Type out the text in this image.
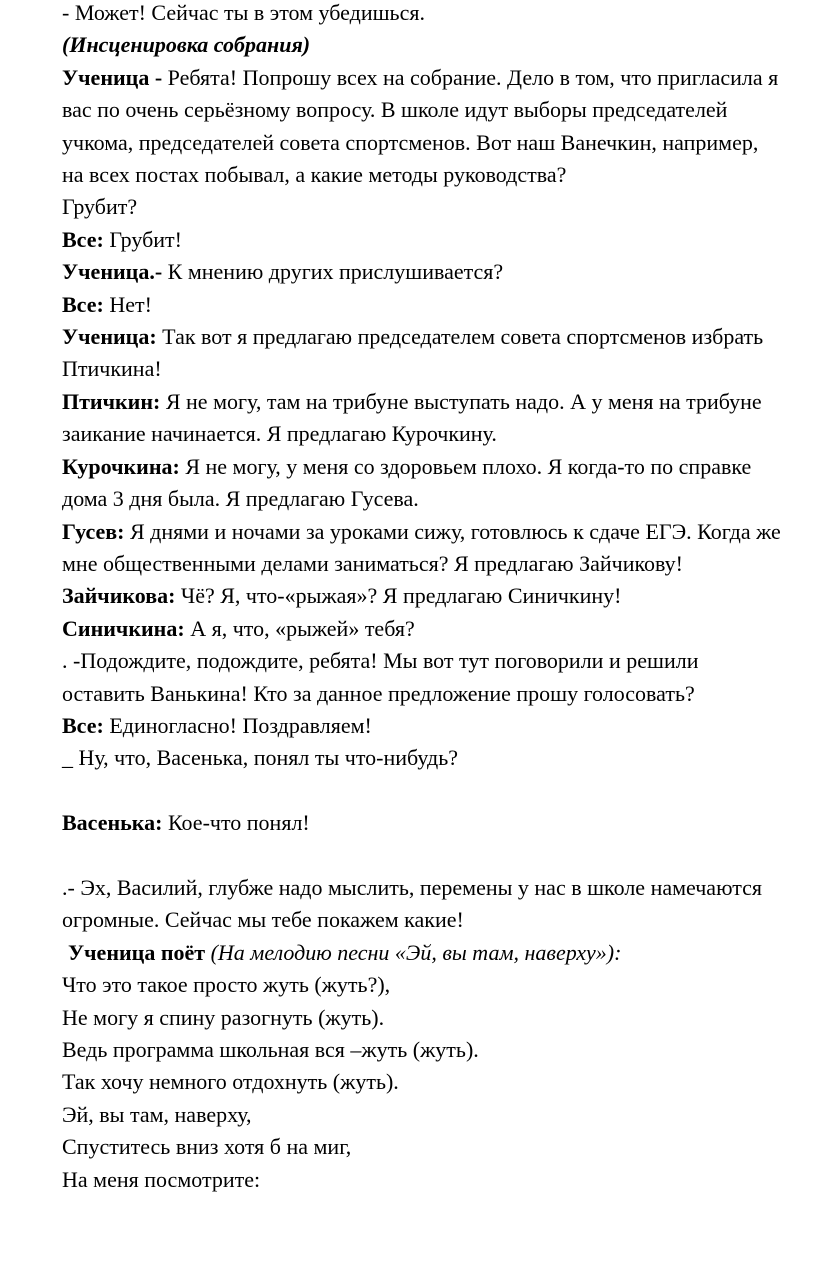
- Может! Сейчас ты в этом убедишься.

(Инсценировка собрания)

Ученица - Ребята! Попрошу всех на собрание. Дело в том, что пригласила я вас по очень серьёзному вопросу. В школе идут выборы председателей учкома, председателей совета спортсменов. Вот наш Ванечкин, например, на всех постах побывал, а какие методы руководства?

Грубит?

Все: Грубит!

Ученица.- К мнению других прислушивается?

Все: Нет!

Ученица: Так вот я предлагаю председателем совета спортсменов избрать Птичкина!

Птичкин: Я не могу, там на трибуне выступать надо. А у меня на трибуне заикание начинается. Я предлагаю Курочкину.

Курочкина: Я не могу, у меня со здоровьем плохо. Я когда-то по справке дома 3 дня была. Я предлагаю Гусева.

Гусев: Я днями и ночами за уроками сижу, готовлюсь к сдаче ЕГЭ. Когда же мне общественными делами заниматься? Я предлагаю Зайчикову!

Зайчикова: Чё? Я, что-«рыжая»? Я предлагаю Синичкину!

Синичкина: А я, что, «рыжей» тебя?

. -Подождите, подождите, ребята! Мы вот тут поговорили и решили оставить Ванькина! Кто за данное предложение прошу голосовать?

Все: Единогласно! Поздравляем!

_ Ну, что, Васенька, понял ты что-нибудь?

Васенька: Кое-что понял!

.- Эх, Василий, глубже надо мыслить, перемены у нас в школе намечаются огромные. Сейчас мы тебе покажем какие!

Ученица поёт (На мелодию песни «Эй, вы там, наверху»):

Что это такое просто жуть (жуть?),

Не могу я спину разогнуть (жуть).

Ведь программа школьная вся –жуть (жуть).

Так хочу немного отдохнуть (жуть).

Эй, вы там, наверху,

Спуститесь вниз хотя б на миг,

На меня посмотрите:
